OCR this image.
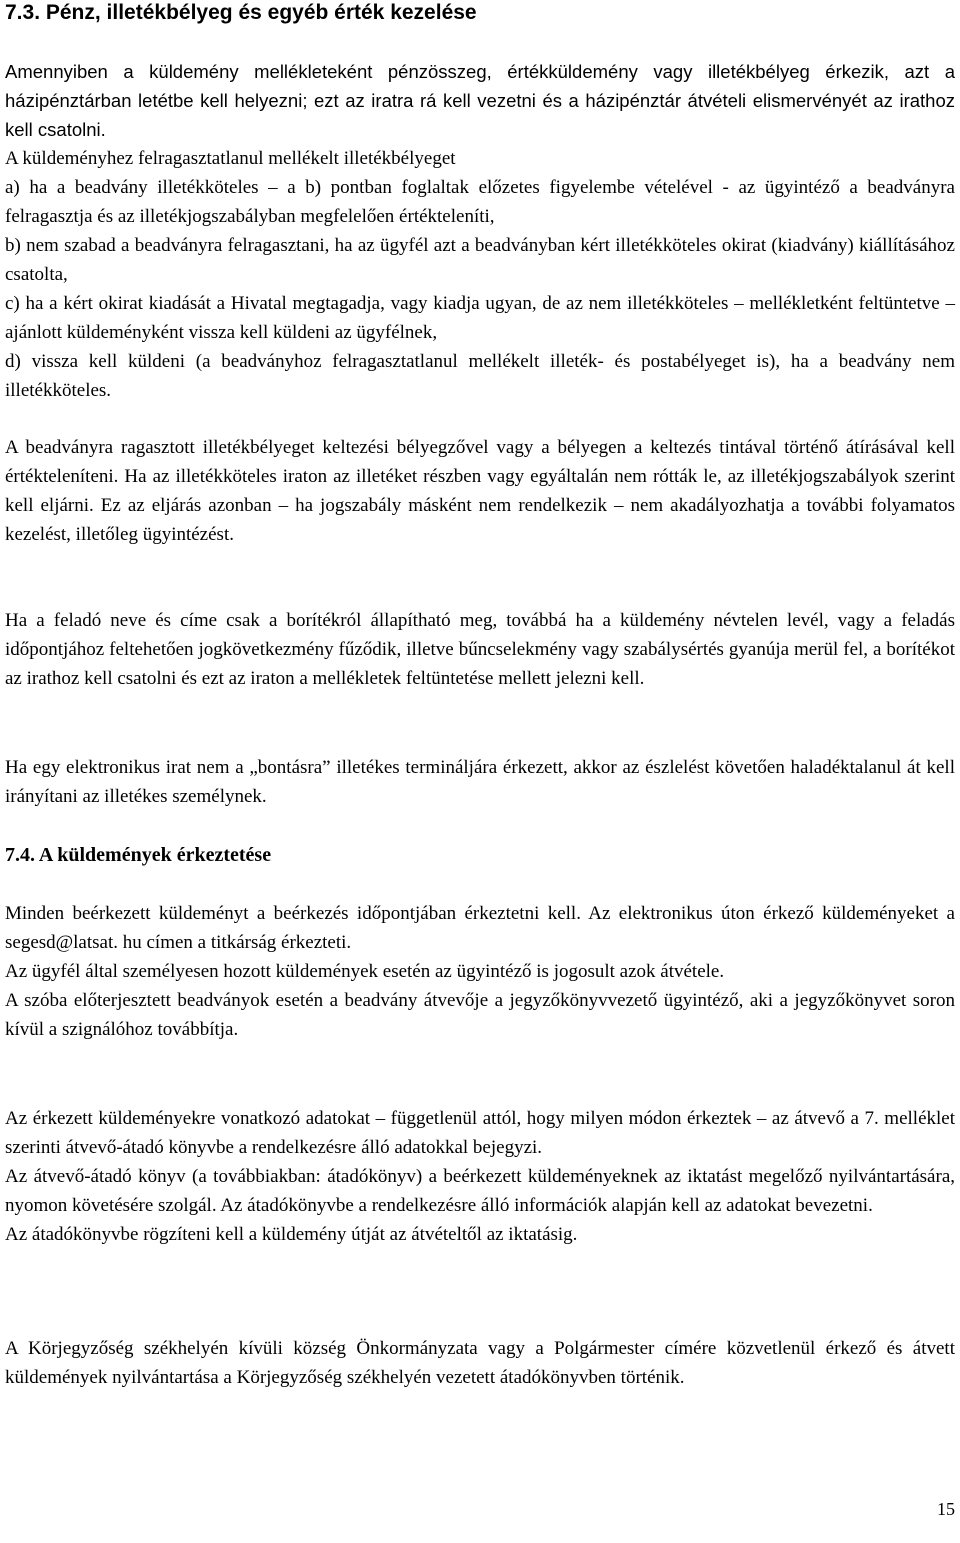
7.3. Pénz, illetékbélyeg és egyéb érték kezelése

Amennyiben a küldemény mellékleteként pénzösszeg, értékküldemény vagy illetékbélyeg érkezik, azt a házipénztárban letétbe kell helyezni; ezt az iratra rá kell vezetni és a házipénztár átvételi elismervényét az irathoz kell csatolni.

A küldeményhez felragasztatlanul mellékelt illetékbélyeget

a) ha a beadvány illetékköteles – a b) pontban foglaltak előzetes figyelembe vételével - az ügyintéző a beadványra felragasztja és az illetékjogszabályban megfelelően értékteleníti,

b) nem szabad a beadványra felragasztani, ha az ügyfél azt a beadványban kért illetékköteles okirat (kiadvány) kiállításához csatolta,

c) ha a kért okirat kiadását a Hivatal megtagadja, vagy kiadja ugyan, de az nem illetékköteles – mellékletként feltüntetve – ajánlott küldeményként vissza kell küldeni az ügyfélnek,

d) vissza kell küldeni (a beadványhoz felragasztatlanul mellékelt illeték- és postabélyeget is), ha a beadvány nem illetékköteles.

A beadványra ragasztott illetékbélyeget keltezési bélyegzővel vagy a bélyegen a keltezés tintával történő átírásával kell értékteleníteni. Ha az illetékköteles iraton az illetéket részben vagy egyáltalán nem rótták le, az illetékjogszabályok szerint kell eljárni. Ez az eljárás azonban – ha jogszabály másként nem rendelkezik – nem akadályozhatja a további folyamatos kezelést, illetőleg ügyintézést.

Ha a feladó neve és címe csak a borítékról állapítható meg, továbbá ha a küldemény névtelen levél, vagy a feladás időpontjához feltehetően jogkövetkezmény fűződik, illetve bűncselekmény vagy szabálysértés gyanúja merül fel, a borítékot az irathoz kell csatolni és ezt az iraton a mellékletek feltüntetése mellett jelezni kell.

Ha egy elektronikus irat nem a „bontásra” illetékes termináljára érkezett, akkor az észlelést követően haladéktalanul át kell irányítani az illetékes személynek.

7.4. A küldemények érkeztetése

Minden beérkezett küldeményt a beérkezés időpontjában érkeztetni kell. Az elektronikus úton érkező küldeményeket a segesd@latsat. hu címen a titkárság érkezteti.

Az ügyfél által személyesen hozott küldemények esetén az ügyintéző is jogosult azok átvétele.

A szóba előterjesztett beadványok esetén a beadvány átvevője a jegyzőkönyvvezető ügyintéző, aki a jegyzőkönyvet soron kívül a szignálóhoz továbbítja.

Az érkezett küldeményekre vonatkozó adatokat – függetlenül attól, hogy milyen módon érkeztek – az átvevő a 7. melléklet szerinti átvevő-átadó könyvbe a rendelkezésre álló adatokkal bejegyzi.

Az átvevő-átadó könyv (a továbbiakban: átadókönyv) a beérkezett küldeményeknek az iktatást megelőző nyilvántartására, nyomon követésére szolgál. Az átadókönyvbe a rendelkezésre álló információk alapján kell az adatokat bevezetni.

Az átadókönyvbe rögzíteni kell a küldemény útját az átvételtől az iktatásig.

A Körjegyzőség székhelyén kívüli község Önkormányzata vagy a Polgármester címére közvetlenül érkező és átvett küldemények nyilvántartása a Körjegyzőség székhelyén vezetett átadókönyvben történik.

15
